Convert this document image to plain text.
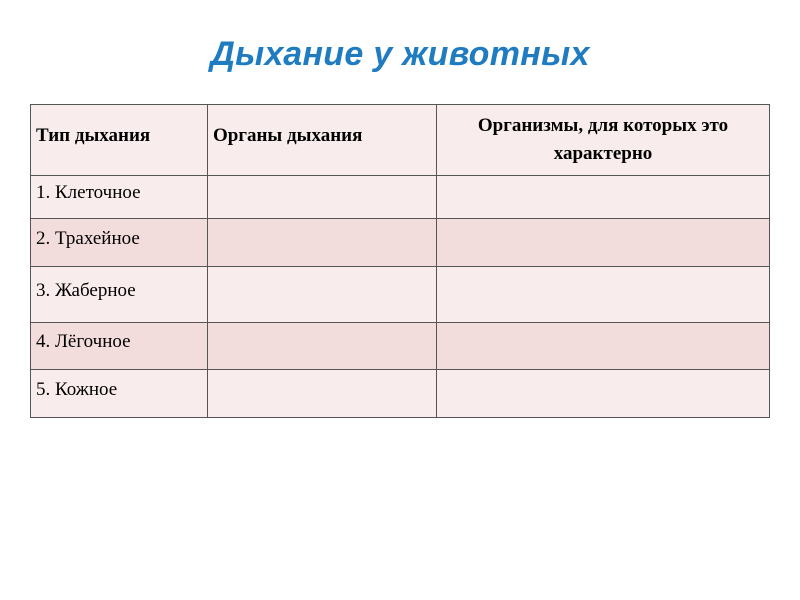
Дыхание у животных
Тип дыхания	Органы дыхания	Организмы, для которых это характерно

1. Клеточное		

2. Трахейное		

3. Жаберное		

4. Лёгочное		

5. Кожное		
